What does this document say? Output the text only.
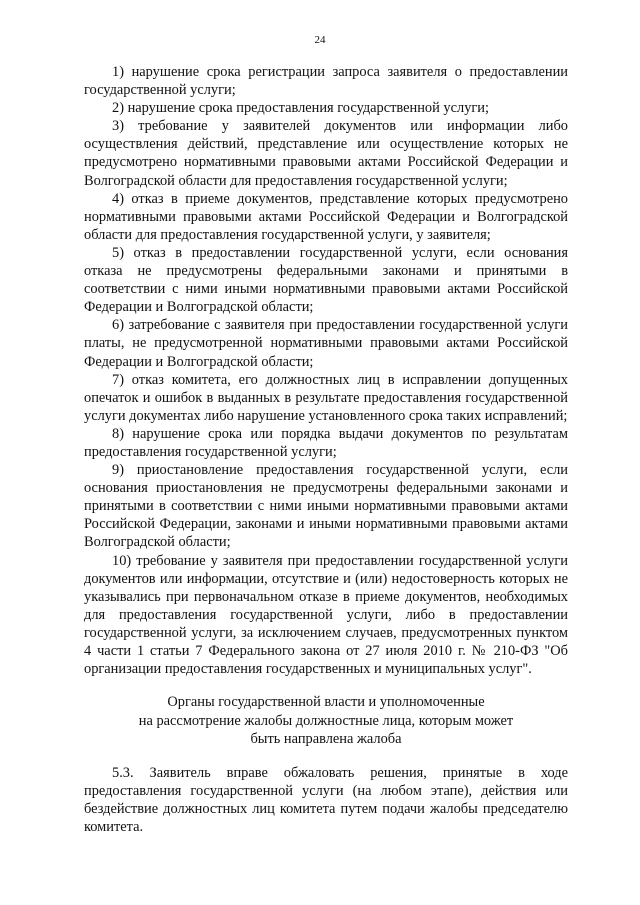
24

1) нарушение срока регистрации запроса заявителя о предоставлении государственной услуги;

2) нарушение срока предоставления государственной услуги;

3) требование у заявителей документов или информации либо осуществления действий, представление или осуществление которых не предусмотрено нормативными правовыми актами Российской Федерации и Волгоградской области для предоставления государственной услуги;

4) отказ в приеме документов, представление которых предусмотрено нормативными правовыми актами Российской Федерации и Волгоградской области для предоставления государственной услуги, у заявителя;

5) отказ в предоставлении государственной услуги, если основания отказа не предусмотрены федеральными законами и принятыми в соответствии с ними иными нормативными правовыми актами Российской Федерации и Волгоградской области;

6) затребование с заявителя при предоставлении государственной услуги платы, не предусмотренной нормативными правовыми актами Российской Федерации и Волгоградской области;

7) отказ комитета, его должностных лиц в исправлении допущенных опечаток и ошибок в выданных в результате предоставления государственной услуги документах либо нарушение установленного срока таких исправлений;

8) нарушение срока или порядка выдачи документов по результатам предоставления государственной услуги;

9) приостановление предоставления государственной услуги, если основания приостановления не предусмотрены федеральными законами и принятыми в соответствии с ними иными нормативными правовыми актами Российской Федерации, законами и иными нормативными правовыми актами Волгоградской области;

10) требование у заявителя при предоставлении государственной услуги документов или информации, отсутствие и (или) недостоверность которых не указывались при первоначальном отказе в приеме документов, необходимых для предоставления государственной услуги, либо в предоставлении государственной услуги, за исключением случаев, предусмотренных пунктом 4 части 1 статьи 7 Федерального закона от 27 июля 2010 г. № 210-ФЗ "Об организации предоставления государственных и муниципальных услуг".

Органы государственной власти и уполномоченные
на рассмотрение жалобы должностные лица, которым может
быть направлена жалоба

5.3. Заявитель вправе обжаловать решения, принятые в ходе предоставления государственной услуги (на любом этапе), действия или бездействие должностных лиц комитета путем подачи жалобы председателю комитета.
